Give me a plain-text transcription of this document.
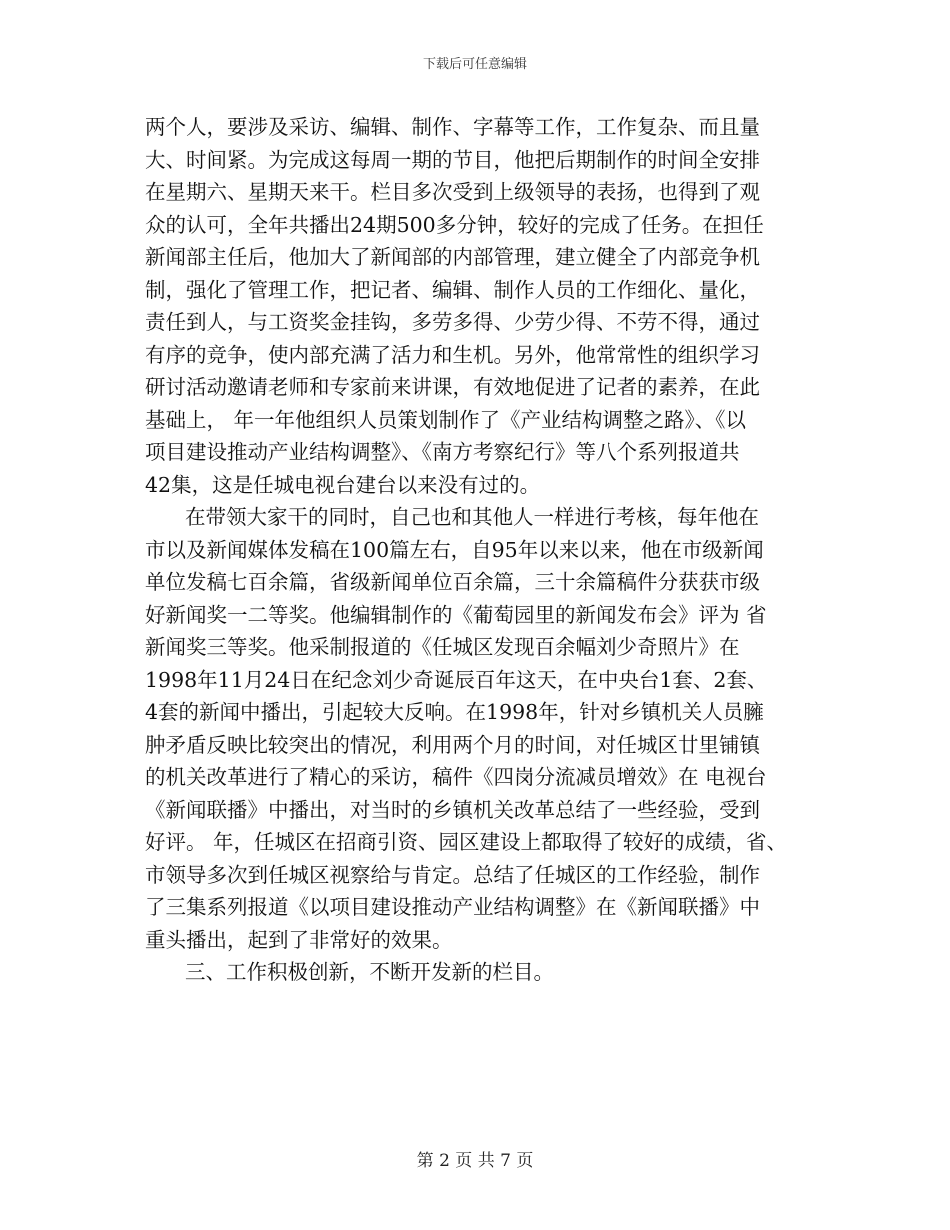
下载后可任意编辑
两个人，要涉及采访、编辑、制作、字幕等工作，工作复杂、而且量
大、时间紧。为完成这每周一期的节目，他把后期制作的时间全安排
在星期六、星期天来干。栏目多次受到上级领导的表扬，也得到了观
众的认可，全年共播出24期500多分钟，较好的完成了任务。在担任
新闻部主任后，他加大了新闻部的内部管理，建立健全了内部竞争机
制，强化了管理工作，把记者、编辑、制作人员的工作细化、量化，
责任到人，与工资奖金挂钩，多劳多得、少劳少得、不劳不得，通过
有序的竞争，使内部充满了活力和生机。另外，他常常性的组织学习
研讨活动邀请老师和专家前来讲课，有效地促进了记者的素养，在此
基础上， 年一年他组织人员策划制作了《产业结构调整之路》、《以
项目建设推动产业结构调整》、《南方考察纪行》等八个系列报道共
42集，这是任城电视台建台以来没有过的。
在带领大家干的同时，自己也和其他人一样进行考核，每年他在
市以及新闻媒体发稿在100篇左右，自95年以来以来，他在市级新闻
单位发稿七百余篇，省级新闻单位百余篇，三十余篇稿件分获获市级
好新闻奖一二等奖。他编辑制作的《葡萄园里的新闻发布会》评为 省
新闻奖三等奖。他采制报道的《任城区发现百余幅刘少奇照片》在
1998年11月24日在纪念刘少奇诞辰百年这天，在中央台1套、2套、
4套的新闻中播出，引起较大反响。在1998年，针对乡镇机关人员臃
肿矛盾反映比较突出的情况，利用两个月的时间，对任城区廿里铺镇
的机关改革进行了精心的采访，稿件《四岗分流减员增效》在 电视台
《新闻联播》中播出，对当时的乡镇机关改革总结了一些经验，受到
好评。 年，任城区在招商引资、园区建设上都取得了较好的成绩，省、
市领导多次到任城区视察给与肯定。总结了任城区的工作经验，制作
了三集系列报道《以项目建设推动产业结构调整》在《新闻联播》中
重头播出，起到了非常好的效果。
三、工作积极创新，不断开发新的栏目。
第 2 页 共 7 页
